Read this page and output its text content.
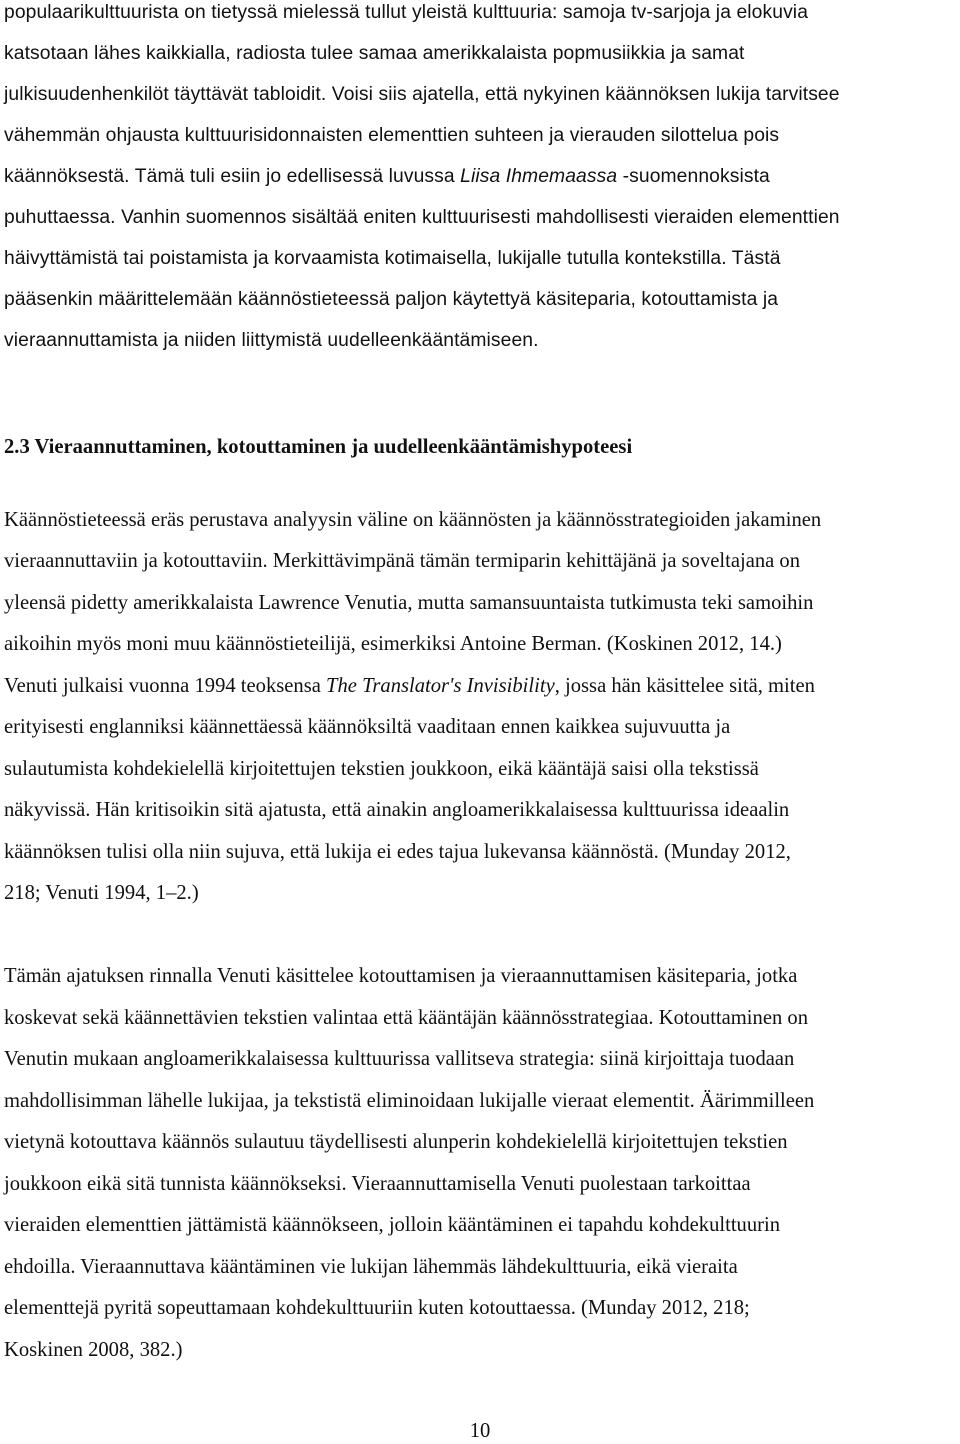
populaarikulttuurista on tietyssä mielessä tullut yleistä kulttuuria: samoja tv-sarjoja ja elokuvia
katsotaan lähes kaikkialla, radiosta tulee samaa amerikkalaista popmusiikkia ja samat
julkisuudenhenkilöt täyttävät tabloidit. Voisi siis ajatella, että nykyinen käännöksen lukija tarvitsee
vähemmän ohjausta kulttuurisidonnaisten elementtien suhteen ja vierauden silottelua pois
käännöksestä. Tämä tuli esiin jo edellisessä luvussa Liisa Ihmemaassa -suomennoksista
puhuttaessa. Vanhin suomennos sisältää eniten kulttuurisesti mahdollisesti vieraiden elementtien
häivyttämistä tai poistamista ja korvaamista kotimaisella, lukijalle tutulla kontekstilla. Tästä
pääsenkin määrittelemään käännöstieteessä paljon käytettyä käsiteparia, kotouttamista ja
vieraannuttamista ja niiden liittymistä uudelleenkääntämiseen.
2.3 Vieraannuttaminen, kotouttaminen ja uudelleenkääntämishypoteesi
Käännöstieteessä eräs perustava analyysin väline on käännösten ja käännösstrategioiden jakaminen
vieraannuttaviin ja kotouttaviin. Merkittävimpänä tämän termiparin kehittäjänä ja soveltajana on
yleensä pidetty amerikkalaista Lawrence Venutia, mutta samansuuntaista tutkimusta teki samoihin
aikoihin myös moni muu käännöstieteilijä, esimerkiksi Antoine Berman. (Koskinen 2012, 14.)
Venuti julkaisi vuonna 1994 teoksensa The Translator's Invisibility, jossa hän käsittelee sitä, miten
erityisesti englanniksi käännettäessä käännöksiltä vaaditaan ennen kaikkea sujuvuutta ja
sulautumista kohdekielellä kirjoitettujen tekstien joukkoon, eikä kääntäjä saisi olla tekstissä
näkyvissä. Hän kritisoikin sitä ajatusta, että ainakin angloamerikkalaisessa kulttuurissa ideaalin
käännöksen tulisi olla niin sujuva, että lukija ei edes tajua lukevansa käännöstä. (Munday 2012,
218; Venuti 1994, 1–2.)
Tämän ajatuksen rinnalla Venuti käsittelee kotouttamisen ja vieraannuttamisen käsiteparia, jotka
koskevat sekä käännettävien tekstien valintaa että kääntäjän käännösstrategiaa. Kotouttaminen on
Venutin mukaan angloamerikkalaisessa kulttuurissa vallitseva strategia: siinä kirjoittaja tuodaan
mahdollisimman lähelle lukijaa, ja tekstistä eliminoidaan lukijalle vieraat elementit. Äärimmilleen
vietynä kotouttava käännös sulautuu täydellisesti alunperin kohdekielellä kirjoitettujen tekstien
joukkoon eikä sitä tunnista käännökseksi. Vieraannuttamisella Venuti puolestaan tarkoittaa
vieraiden elementtien jättämistä käännökseen, jolloin kääntäminen ei tapahdu kohdekulttuurin
ehdoilla. Vieraannuttava kääntäminen vie lukijan lähemmäs lähdekulttuuria, eikä vieraita
elementtejä pyritä sopeuttamaan kohdekulttuuriin kuten kotouttaessa. (Munday 2012, 218;
Koskinen 2008, 382.)
10
